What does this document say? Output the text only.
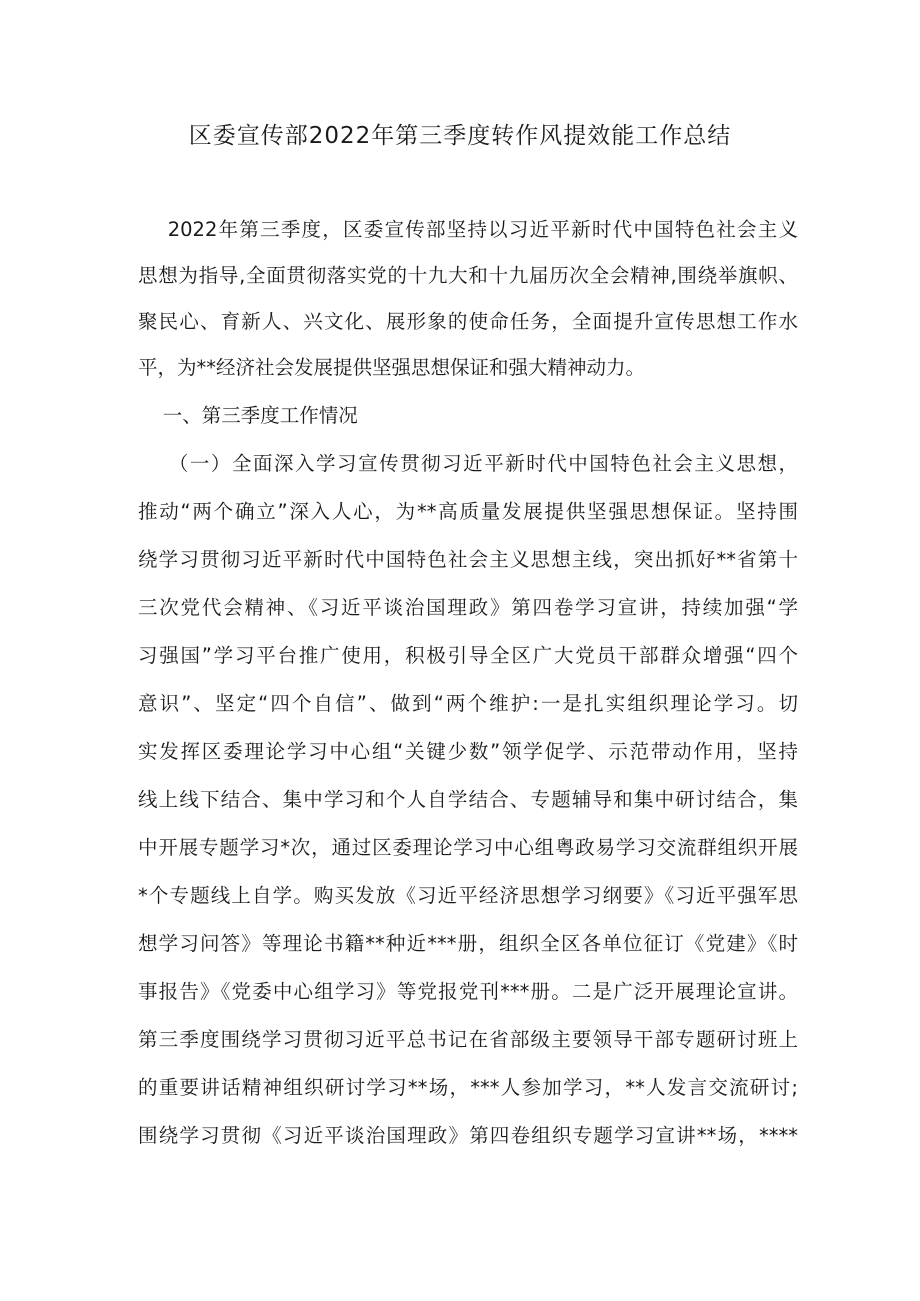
区委宣传部2022年第三季度转作风提效能工作总结
2022年第三季度，区委宣传部坚持以习近平新时代中国特色社会主义
思想为指导,全面贯彻落实党的十九大和十九届历次全会精神,围绕举旗帜、
聚民心、育新人、兴文化、展形象的使命任务，全面提升宣传思想工作水
平，为**经济社会发展提供坚强思想保证和强大精神动力。
一、第三季度工作情况
（一）全面深入学习宣传贯彻习近平新时代中国特色社会主义思想，
推动“两个确立”深入人心，为**高质量发展提供坚强思想保证。坚持围
绕学习贯彻习近平新时代中国特色社会主义思想主线，突出抓好**省第十
三次党代会精神、《习近平谈治国理政》第四卷学习宣讲，持续加强“学
习强国”学习平台推广使用，积极引导全区广大党员干部群众增强“四个
意识”、坚定“四个自信”、做到“两个维护:一是扎实组织理论学习。切
实发挥区委理论学习中心组“关键少数”领学促学、示范带动作用，坚持
线上线下结合、集中学习和个人自学结合、专题辅导和集中研讨结合，集
中开展专题学习*次，通过区委理论学习中心组粤政易学习交流群组织开展
*个专题线上自学。购买发放《习近平经济思想学习纲要》《习近平强军思
想学习问答》等理论书籍**种近***册，组织全区各单位征订《党建》《时
事报告》《党委中心组学习》等党报党刊***册。二是广泛开展理论宣讲。
第三季度围绕学习贯彻习近平总书记在省部级主要领导干部专题研讨班上
的重要讲话精神组织研讨学习**场，***人参加学习，**人发言交流研讨;
围绕学习贯彻《习近平谈治国理政》第四卷组织专题学习宣讲**场，****
